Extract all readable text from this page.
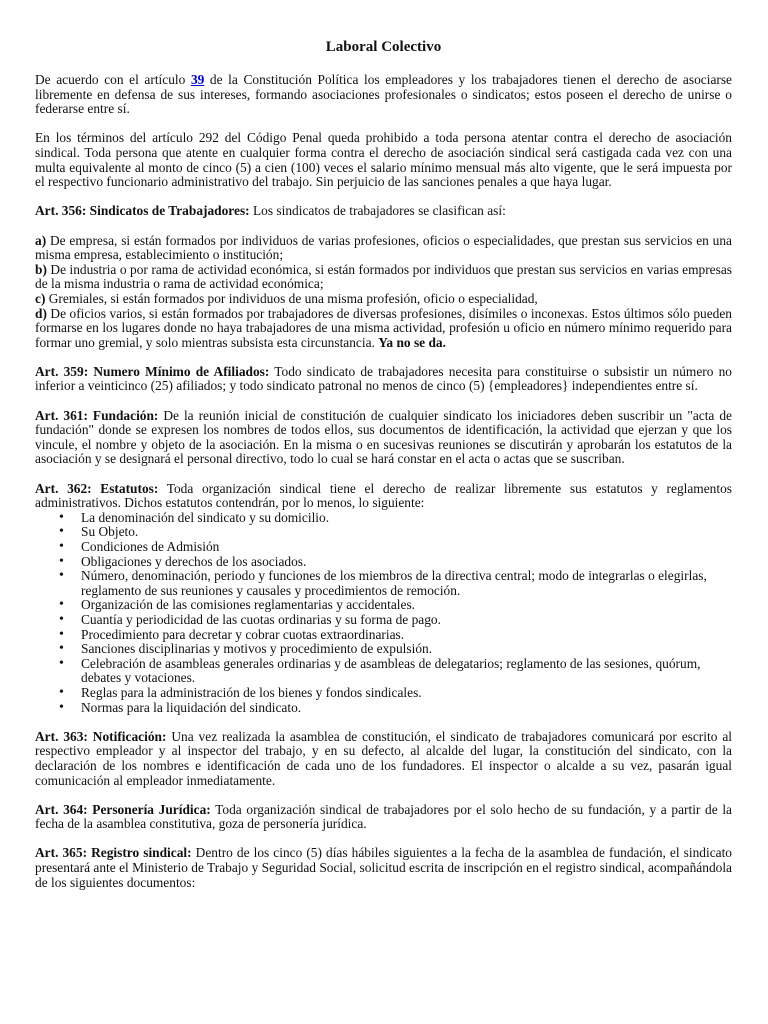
Laboral Colectivo

De acuerdo con el artículo 39 de la Constitución Política los empleadores y los trabajadores tienen el derecho de asociarse libremente en defensa de sus intereses, formando asociaciones profesionales o sindicatos; estos poseen el derecho de unirse o federarse entre sí.

En los términos del artículo 292 del Código Penal queda prohibido a toda persona atentar contra el derecho de asociación sindical. Toda persona que atente en cualquier forma contra el derecho de asociación sindical será castigada cada vez con una multa equivalente al monto de cinco (5) a cien (100) veces el salario mínimo mensual más alto vigente, que le será impuesta por el respectivo funcionario administrativo del trabajo. Sin perjuicio de las sanciones penales a que haya lugar.

Art. 356: Sindicatos de Trabajadores: Los sindicatos de trabajadores se clasifican así:

a) De empresa, si están formados por individuos de varias profesiones, oficios o especialidades, que prestan sus servicios en una misma empresa, establecimiento o institución;

b) De industria o por rama de actividad económica, si están formados por individuos que prestan sus servicios en varias empresas de la misma industria o rama de actividad económica;

c) Gremiales, si están formados por individuos de una misma profesión, oficio o especialidad,

d) De oficios varios, si están formados por trabajadores de diversas profesiones, disímiles o inconexas. Estos últimos sólo pueden formarse en los lugares donde no haya trabajadores de una misma actividad, profesión u oficio en número mínimo requerido para formar uno gremial, y solo mientras subsista esta circunstancia. Ya no se da.

Art. 359: Numero Mínimo de Afiliados: Todo sindicato de trabajadores necesita para constituirse o subsistir un número no inferior a veinticinco (25) afiliados; y todo sindicato patronal no menos de cinco (5) {empleadores} independientes entre sí.

Art. 361: Fundación: De la reunión inicial de constitución de cualquier sindicato los iniciadores deben suscribir un "acta de fundación" donde se expresen los nombres de todos ellos, sus documentos de identificación, la actividad que ejerzan y que los vincule, el nombre y objeto de la asociación. En la misma o en sucesivas reuniones se discutirán y aprobarán los estatutos de la asociación y se designará el personal directivo, todo lo cual se hará constar en el acta o actas que se suscriban.

Art. 362: Estatutos: Toda organización sindical tiene el derecho de realizar libremente sus estatutos y reglamentos administrativos. Dichos estatutos contendrán, por lo menos, lo siguiente:

• La denominación del sindicato y su domicilio.
• Su Objeto.
• Condiciones de Admisión
• Obligaciones y derechos de los asociados.
• Número, denominación, periodo y funciones de los miembros de la directiva central; modo de integrarlas o elegirlas, reglamento de sus reuniones y causales y procedimientos de remoción.
• Organización de las comisiones reglamentarias y accidentales.
• Cuantía y periodicidad de las cuotas ordinarias y su forma de pago.
• Procedimiento para decretar y cobrar cuotas extraordinarias.
• Sanciones disciplinarias y motivos y procedimiento de expulsión.
• Celebración de asambleas generales ordinarias y de asambleas de delegatarios; reglamento de las sesiones, quórum, debates y votaciones.
• Reglas para la administración de los bienes y fondos sindicales.
• Normas para la liquidación del sindicato.

Art. 363: Notificación: Una vez realizada la asamblea de constitución, el sindicato de trabajadores comunicará por escrito al respectivo empleador y al inspector del trabajo, y en su defecto, al alcalde del lugar, la constitución del sindicato, con la declaración de los nombres e identificación de cada uno de los fundadores. El inspector o alcalde a su vez, pasarán igual comunicación al empleador inmediatamente.

Art. 364: Personería Jurídica: Toda organización sindical de trabajadores por el solo hecho de su fundación, y a partir de la fecha de la asamblea constitutiva, goza de personería jurídica.

Art. 365: Registro sindical: Dentro de los cinco (5) días hábiles siguientes a la fecha de la asamblea de fundación, el sindicato presentará ante el Ministerio de Trabajo y Seguridad Social, solicitud escrita de inscripción en el registro sindical, acompañándola de los siguientes documentos:
